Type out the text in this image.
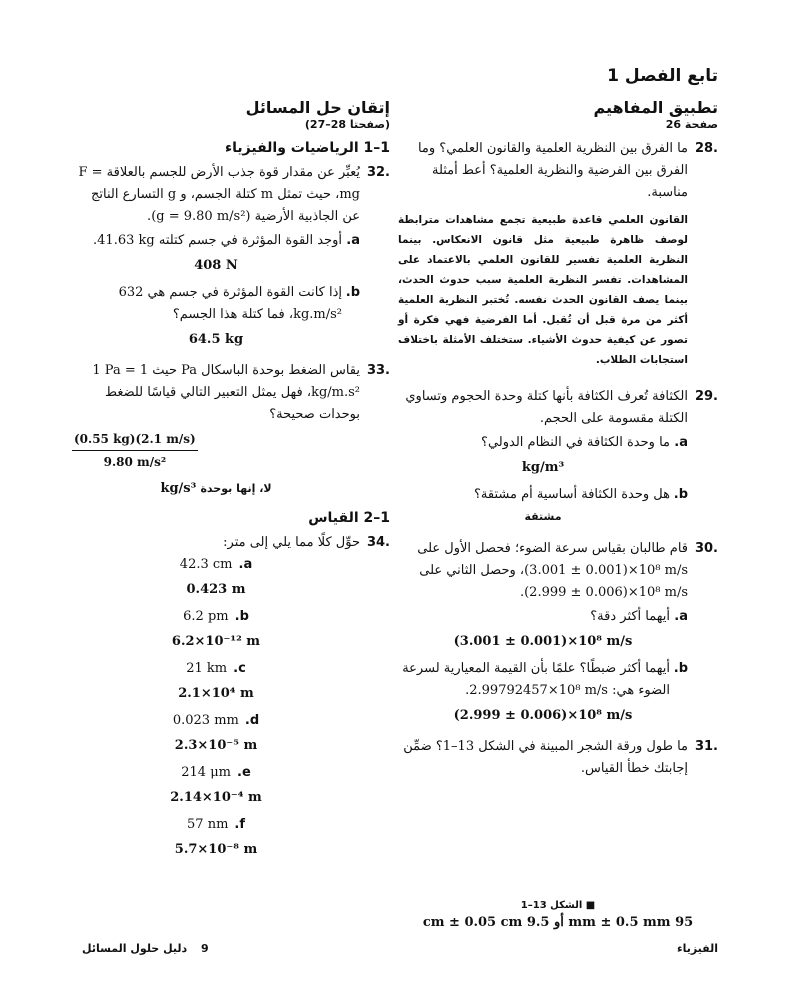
تابع الفصل 1
تطبيق المفاهيم
صفحة 26
28.
ما الفرق بين النظرية العلمية والقانون العلمي؟ وما الفرق بين الفرضية والنظرية العلمية؟ أعط أمثلة مناسبة.
القانون العلمي قاعدة طبيعية تجمع مشاهدات مترابطة لوصف ظاهرة طبيعية مثل قانون الانعكاس. بينما النظرية العلمية تفسير للقانون العلمي بالاعتماد على المشاهدات. تفسر النظرية العلمية سبب حدوث الحدث، بينما يصف القانون الحدث نفسه. تُختبر النظرية العلمية أكثر من مرة قبل أن تُقبل. أما الفرضية فهي فكرة أو تصور عن كيفية حدوث الأشياء. ستختلف الأمثلة باختلاف استجابات الطلاب.
29.
الكثافة تُعرف الكثافة بأنها كتلة وحدة الحجوم وتساوي الكتلة مقسومة على الحجم.
a.
ما وحدة الكثافة في النظام الدولي؟
kg/m³
b.
هل وحدة الكثافة أساسية أم مشتقة؟
مشتقة
30.
قام طالبان بقياس سرعة الضوء؛ فحصل الأول على ‪(3.001 ± 0.001)×10⁸ m/s‬، وحصل الثاني على ‪(2.999 ± 0.006)×10⁸ m/s‬.
a.
أيهما أكثر دقة؟
(3.001 ± 0.001)×10⁸ m/s
b.
أيهما أكثر ضبطًا؟ علمًا بأن القيمة المعيارية لسرعة الضوء هي: ‪2.99792457×10⁸ m/s‬.
(2.999 ± 0.006)×10⁸ m/s
31.
ما طول ورقة الشجر المبينة في الشكل 13–1؟ ضمِّن إجابتك خطأ القياس.
■ الشكل 13–1
95 mm ± 0.5 mm أو 9.5 cm ± 0.05 cm
إتقان حل المسائل
(صفحتا 28–27)
1–1 الرياضيات والفيزياء
32.
يُعبِّر عن مقدار قوة جذب الأرض للجسم بالعلاقة ‪F = mg‬، حيث تمثل m كتلة الجسم، و g التسارع الناتج عن الجاذبية الأرضية ‪(g = 9.80 m/s²)‬.
a.
أوجد القوة المؤثرة في جسم كتلته ‪41.63 kg‬.
408 N
b.
إذا كانت القوة المؤثرة في جسم هي ‪632 kg.m/s²‬، فما كتلة هذا الجسم؟
64.5 kg
33.
يقاس الضغط بوحدة الباسكال Pa حيث ‪1 Pa = 1 kg/m.s²‬، فهل يمثل التعبير التالي قياسًا للضغط بوحدات صحيحة؟
$\frac{(0.55 kg)(2.1 m/s)}{\text{9.80 m/s²}}$
لا، إنها بوحدة kg/s³
1–2 القياس
34.
حوِّل كلًا مما يلي إلى متر:
a.
42.3 cm
0.423 m
b.
6.2 pm
6.2×10⁻¹² m
c.
21 km
2.1×10⁴ m
d.
0.023 mm
2.3×10⁻⁵ m
e.
214 μm
2.14×10⁻⁴ m
f.
57 nm
5.7×10⁻⁸ m
9 دليل حلول المسائل	الفيزياء
